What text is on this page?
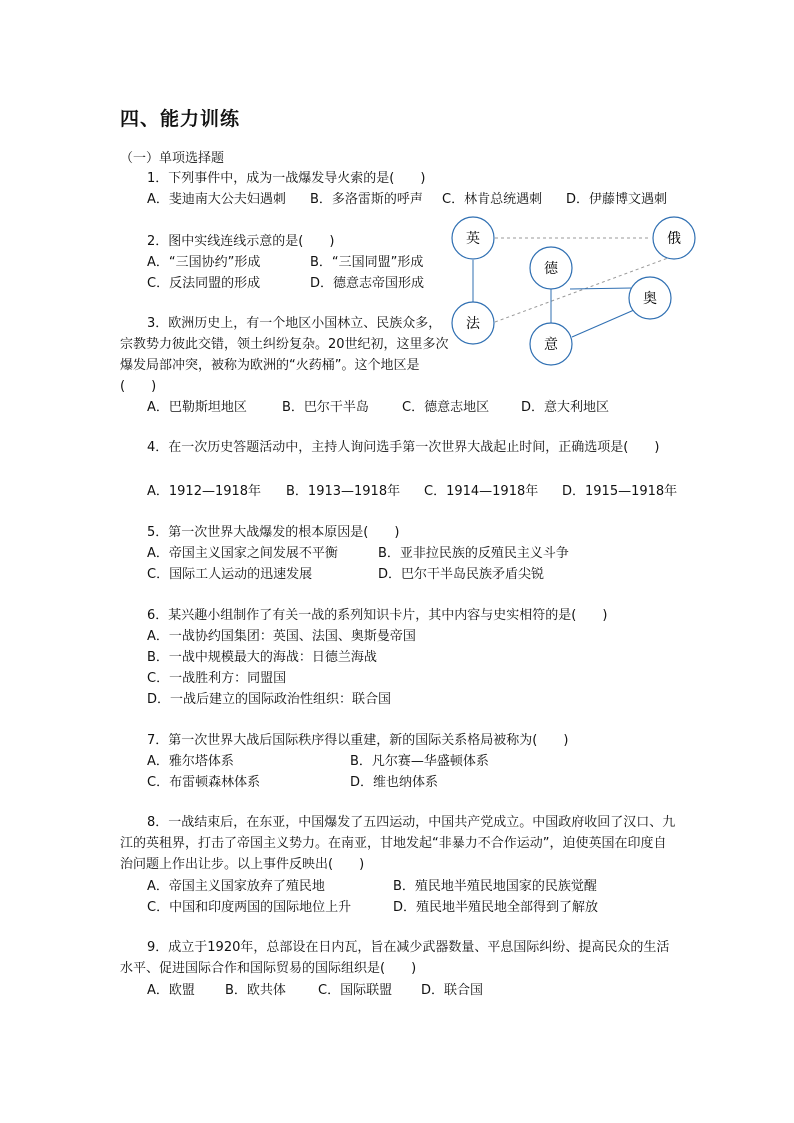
四、能力训练
（一）单项选择题
1．下列事件中，成为一战爆发导火索的是(　　)
A．斐迪南大公夫妇遇刺 B．多洛雷斯的呼声 C．林肯总统遇刺 D．伊藤博文遇刺
2．图中实线连线示意的是(　　)
A．“三国协约”形成	B．“三国同盟”形成
C．反法同盟的形成	D．德意志帝国形成
英	俄
德
奥
法
意
3．欧洲历史上，有一个地区小国林立、民族众多，宗教势力彼此交错，领土纠纷复杂。20世纪初，这里多次爆发局部冲突，被称为欧洲的“火药桶”。这个地区是(　　)
A．巴勒斯坦地区	B．巴尔干半岛	C．德意志地区 D．意大利地区
4．在一次历史答题活动中，主持人询问选手第一次世界大战起止时间，正确选项是(　　)
A．1912—1918年 B．1913—1918年 C．1914—1918年 D．1915—1918年
5．第一次世界大战爆发的根本原因是(　　)
A．帝国主义国家之间发展不平衡	B．亚非拉民族的反殖民主义斗争
C．国际工人运动的迅速发展	D．巴尔干半岛民族矛盾尖锐
6．某兴趣小组制作了有关一战的系列知识卡片，其中内容与史实相符的是(　　)
A．一战协约国集团：英国、法国、奥斯曼帝国
B．一战中规模最大的海战：日德兰海战
C．一战胜利方：同盟国
D．一战后建立的国际政治性组织：联合国
7．第一次世界大战后国际秩序得以重建，新的国际关系格局被称为(　　)
A．雅尔塔体系	B．凡尔赛—华盛顿体系
C．布雷顿森林体系	D．维也纳体系
8．一战结束后，在东亚，中国爆发了五四运动，中国共产党成立。中国政府收回了汉口、九江的英租界，打击了帝国主义势力。在南亚，甘地发起“非暴力不合作运动”，迫使英国在印度自治问题上作出让步。以上事件反映出(　　)
A．帝国主义国家放弃了殖民地	B．殖民地半殖民地国家的民族觉醒
C．中国和印度两国的国际地位上升	D．殖民地半殖民地全部得到了解放
9．成立于1920年，总部设在日内瓦，旨在减少武器数量、平息国际纠纷、提高民众的生活水平、促进国际合作和国际贸易的国际组织是(　　)
A．欧盟 B．欧共体 C．国际联盟 D．联合国
